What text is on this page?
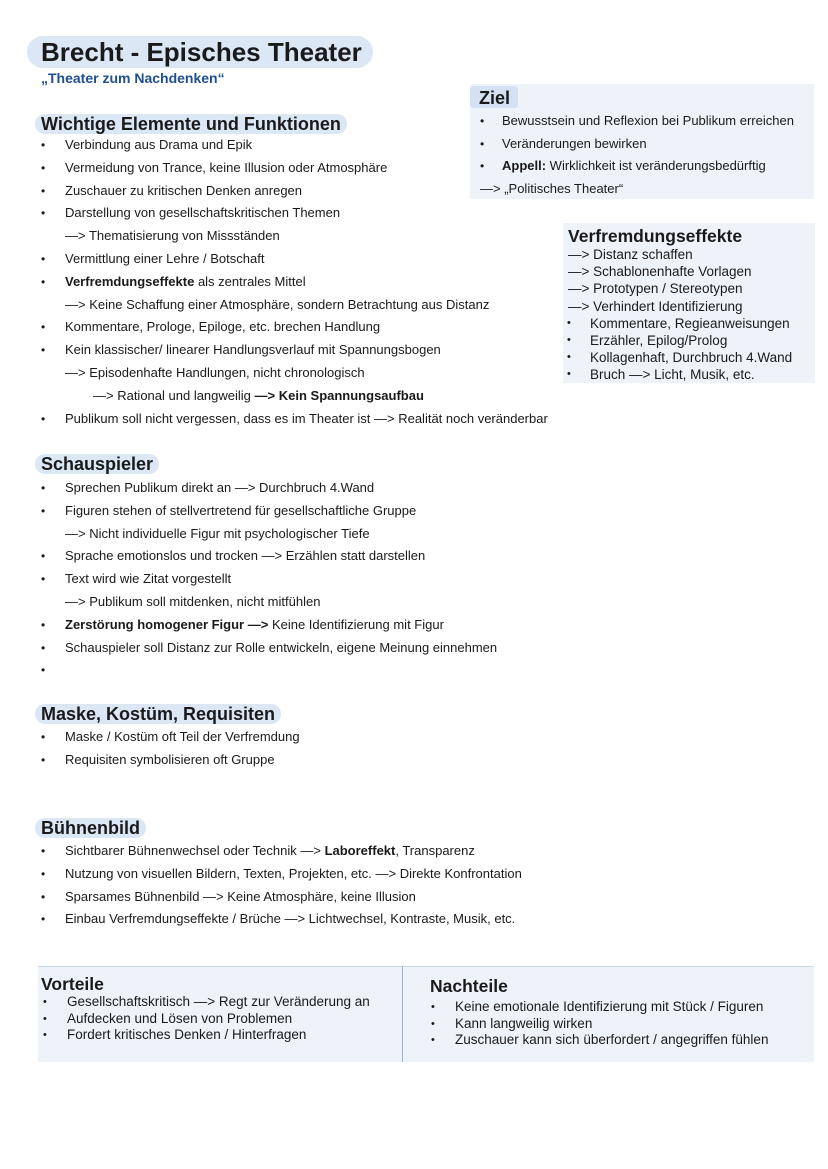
Brecht - Episches Theater
„Theater zum Nachdenken“
Wichtige Elemente und Funktionen
• Verbindung aus Drama und Epik
• Vermeidung von Trance, keine Illusion oder Atmosphäre
• Zuschauer zu kritischen Denken anregen
• Darstellung von gesellschaftskritischen Themen
—> Thematisierung von Missständen
• Vermittlung einer Lehre / Botschaft
• Verfremdungseffekte als zentrales Mittel
—> Keine Schaffung einer Atmosphäre, sondern Betrachtung aus Distanz
• Kommentare, Prologe, Epiloge, etc. brechen Handlung
• Kein klassischer/ linearer Handlungsverlauf mit Spannungsbogen
—> Episodenhafte Handlungen, nicht chronologisch
—> Rational und langweilig —> Kein Spannungsaufbau
• Publikum soll nicht vergessen, dass es im Theater ist —> Realität noch veränderbar
Ziel
• Bewusstsein und Reflexion bei Publikum erreichen
• Veränderungen bewirken
• Appell: Wirklichkeit ist veränderungsbedürftig
—> „Politisches Theater“
Verfremdungseffekte
—> Distanz schaffen
—> Schablonenhafte Vorlagen
—> Prototypen / Stereotypen
—> Verhindert Identifizierung
• Kommentare, Regieanweisungen
• Erzähler, Epilog/Prolog
• Kollagenhaft, Durchbruch 4.Wand
• Bruch —> Licht, Musik, etc.
Schauspieler
• Sprechen Publikum direkt an —> Durchbruch 4.Wand
• Figuren stehen of stellvertretend für gesellschaftliche Gruppe
—> Nicht individuelle Figur mit psychologischer Tiefe
• Sprache emotionslos und trocken —> Erzählen statt darstellen
• Text wird wie Zitat vorgestellt
—> Publikum soll mitdenken, nicht mitfühlen
• Zerstörung homogener Figur —> Keine Identifizierung mit Figur
• Schauspieler soll Distanz zur Rolle entwickeln, eigene Meinung einnehmen
•
Maske, Kostüm, Requisiten
• Maske / Kostüm oft Teil der Verfremdung
• Requisiten symbolisieren oft Gruppe
Bühnenbild
• Sichtbarer Bühnenwechsel oder Technik —> Laboreffekt, Transparenz
• Nutzung von visuellen Bildern, Texten, Projekten, etc. —> Direkte Konfrontation
• Sparsames Bühnenbild —> Keine Atmosphäre, keine Illusion
• Einbau Verfremdungseffekte / Brüche —> Lichtwechsel, Kontraste, Musik, etc.
Vorteile
• Gesellschaftskritisch —> Regt zur Veränderung an
• Aufdecken und Lösen von Problemen
• Fordert kritisches Denken / Hinterfragen
Nachteile
• Keine emotionale Identifizierung mit Stück / Figuren
• Kann langweilig wirken
• Zuschauer kann sich überfordert / angegriffen fühlen
